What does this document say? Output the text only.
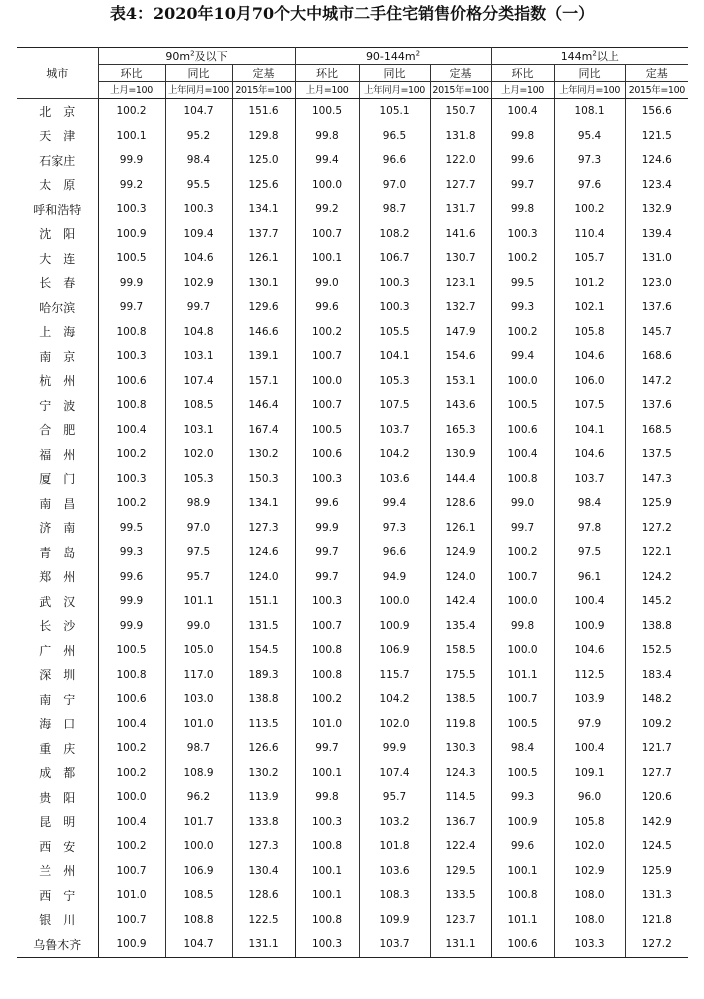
表4：2020年10月70个大中城市二手住宅销售价格分类指数（一）
城市	$90m^2$及以下			$90-144m^2$			$144m^2$以上		
	环比	同比	定基	环比	同比	定基	环比	同比	定基
	上月=100	上年同月=100	2015年=100	上月=100	上年同月=100	2015年=100	上月=100	上年同月=100	2015年=100
北　京	100.2	104.7	151.6	100.5	105.1	150.7	100.4	108.1	156.6
天　津	100.1	95.2	129.8	99.8	96.5	131.8	99.8	95.4	121.5
石家庄	99.9	98.4	125.0	99.4	96.6	122.0	99.6	97.3	124.6
太　原	99.2	95.5	125.6	100.0	97.0	127.7	99.7	97.6	123.4
呼和浩特	100.3	100.3	134.1	99.2	98.7	131.7	99.8	100.2	132.9
沈　阳	100.9	109.4	137.7	100.7	108.2	141.6	100.3	110.4	139.4
大　连	100.5	104.6	126.1	100.1	106.7	130.7	100.2	105.7	131.0
长　春	99.9	102.9	130.1	99.0	100.3	123.1	99.5	101.2	123.0
哈尔滨	99.7	99.7	129.6	99.6	100.3	132.7	99.3	102.1	137.6
上　海	100.8	104.8	146.6	100.2	105.5	147.9	100.2	105.8	145.7
南　京	100.3	103.1	139.1	100.7	104.1	154.6	99.4	104.6	168.6
杭　州	100.6	107.4	157.1	100.0	105.3	153.1	100.0	106.0	147.2
宁　波	100.8	108.5	146.4	100.7	107.5	143.6	100.5	107.5	137.6
合　肥	100.4	103.1	167.4	100.5	103.7	165.3	100.6	104.1	168.5
福　州	100.2	102.0	130.2	100.6	104.2	130.9	100.4	104.6	137.5
厦　门	100.3	105.3	150.3	100.3	103.6	144.4	100.8	103.7	147.3
南　昌	100.2	98.9	134.1	99.6	99.4	128.6	99.0	98.4	125.9
济　南	99.5	97.0	127.3	99.9	97.3	126.1	99.7	97.8	127.2
青　岛	99.3	97.5	124.6	99.7	96.6	124.9	100.2	97.5	122.1
郑　州	99.6	95.7	124.0	99.7	94.9	124.0	100.7	96.1	124.2
武　汉	99.9	101.1	151.1	100.3	100.0	142.4	100.0	100.4	145.2
长　沙	99.9	99.0	131.5	100.7	100.9	135.4	99.8	100.9	138.8
广　州	100.5	105.0	154.5	100.8	106.9	158.5	100.0	104.6	152.5
深　圳	100.8	117.0	189.3	100.8	115.7	175.5	101.1	112.5	183.4
南　宁	100.6	103.0	138.8	100.2	104.2	138.5	100.7	103.9	148.2
海　口	100.4	101.0	113.5	101.0	102.0	119.8	100.5	97.9	109.2
重　庆	100.2	98.7	126.6	99.7	99.9	130.3	98.4	100.4	121.7
成　都	100.2	108.9	130.2	100.1	107.4	124.3	100.5	109.1	127.7
贵　阳	100.0	96.2	113.9	99.8	95.7	114.5	99.3	96.0	120.6
昆　明	100.4	101.7	133.8	100.3	103.2	136.7	100.9	105.8	142.9
西　安	100.2	100.0	127.3	100.8	101.8	122.4	99.6	102.0	124.5
兰　州	100.7	106.9	130.4	100.1	103.6	129.5	100.1	102.9	125.9
西　宁	101.0	108.5	128.6	100.1	108.3	133.5	100.8	108.0	131.3
银　川	100.7	108.8	122.5	100.8	109.9	123.7	101.1	108.0	121.8
乌鲁木齐	100.9	104.7	131.1	100.3	103.7	131.1	100.6	103.3	127.2
